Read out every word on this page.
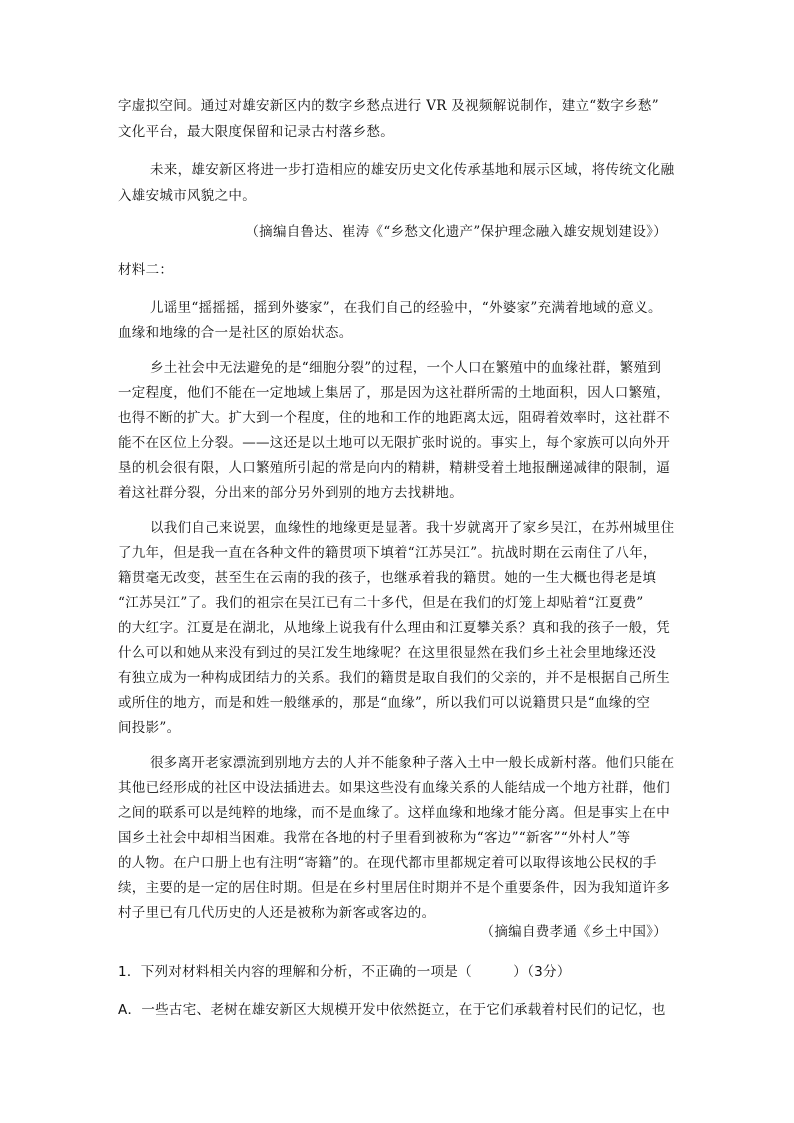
字虚拟空间。通过对雄安新区内的数字乡愁点进行 VR 及视频解说制作，建立“数字乡愁”
文化平台，最大限度保留和记录古村落乡愁。
未来，雄安新区将进一步打造相应的雄安历史文化传承基地和展示区域，将传统文化融
入雄安城市风貌之中。
（摘编自鲁达、崔涛《“乡愁文化遗产”保护理念融入雄安规划建设》）
材料二：
儿谣里“摇摇摇，摇到外婆家”，在我们自己的经验中，“外婆家”充满着地域的意义。
血缘和地缘的合一是社区的原始状态。
乡土社会中无法避免的是“细胞分裂”的过程，一个人口在繁殖中的血缘社群，繁殖到
一定程度，他们不能在一定地域上集居了，那是因为这社群所需的土地面积，因人口繁殖，
也得不断的扩大。扩大到一个程度，住的地和工作的地距离太远，阻碍着效率时，这社群不
能不在区位上分裂。——这还是以土地可以无限扩张时说的。事实上，每个家族可以向外开
垦的机会很有限，人口繁殖所引起的常是向内的精耕，精耕受着土地报酬递减律的限制，逼
着这社群分裂，分出来的部分另外到别的地方去找耕地。
以我们自己来说罢，血缘性的地缘更是显著。我十岁就离开了家乡吴江，在苏州城里住
了九年，但是我一直在各种文件的籍贯项下填着“江苏吴江”。抗战时期在云南住了八年，
籍贯毫无改变，甚至生在云南的我的孩子，也继承着我的籍贯。她的一生大概也得老是填
“江苏吴江”了。我们的祖宗在吴江已有二十多代，但是在我们的灯笼上却贴着“江夏费”
的大红字。江夏是在湖北，从地缘上说我有什么理由和江夏攀关系？真和我的孩子一般，凭
什么可以和她从来没有到过的吴江发生地缘呢？在这里很显然在我们乡土社会里地缘还没
有独立成为一种构成团结力的关系。我们的籍贯是取自我们的父亲的，并不是根据自己所生
或所住的地方，而是和姓一般继承的，那是“血缘”，所以我们可以说籍贯只是“血缘的空
间投影”。
很多离开老家漂流到别地方去的人并不能象种子落入土中一般长成新村落。他们只能在
其他已经形成的社区中设法插进去。如果这些没有血缘关系的人能结成一个地方社群，他们
之间的联系可以是纯粹的地缘，而不是血缘了。这样血缘和地缘才能分离。但是事实上在中
国乡土社会中却相当困难。我常在各地的村子里看到被称为“客边”“新客”“外村人”等
的人物。在户口册上也有注明“寄籍”的。在现代都市里都规定着可以取得该地公民权的手
续，主要的是一定的居住时期。但是在乡村里居住时期并不是个重要条件，因为我知道许多
村子里已有几代历史的人还是被称为新客或客边的。
（摘编自费孝通《乡土中国》）
1．下列对材料相关内容的理解和分析，不正确的一项是（　　　）（3分）
A．一些古宅、老树在雄安新区大规模开发中依然挺立，在于它们承载着村民们的记忆，也
